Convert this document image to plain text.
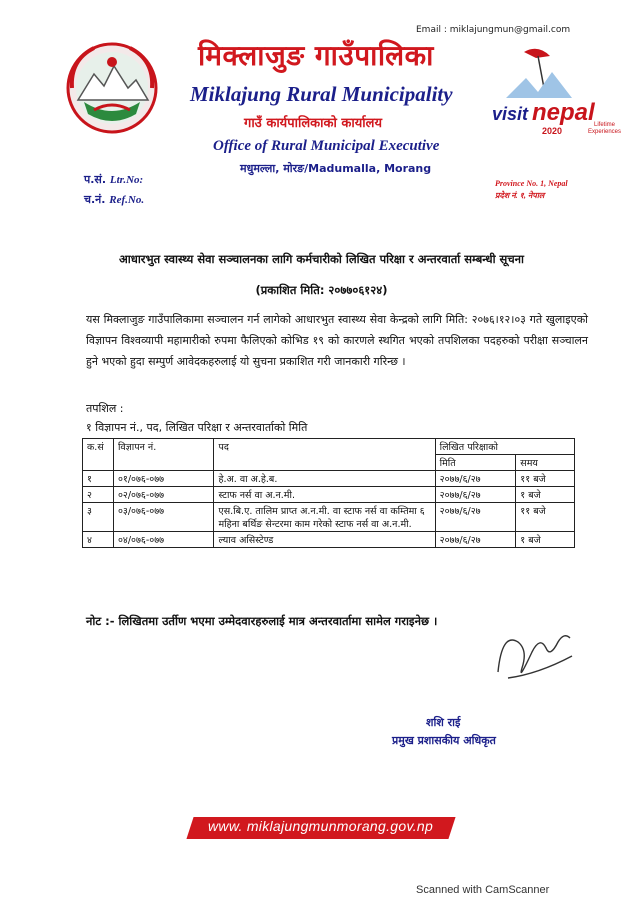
Email : miklajungmun@gmail.com
मिक्लाजुङ गाउँपालिका
Miklajung Rural Municipality
गाउँ कार्यपालिकाको कार्यालय
Office of Rural Municipal Executive
मधुमल्ला, मोरङ/Madumalla, Morang
visit nepal
2020
Lifetime
Experiences
प.सं. Ltr.No:
च.नं. Ref.No.
Province No. 1, Nepal
प्रदेश नं. १, नेपाल
आधारभुत स्वास्थ्य सेवा सञ्चालनका लागि कर्मचारीको लिखित परिक्षा र अन्तरवार्ता सम्बन्धी सूचना
(प्रकाशित मिति: २०७७०६१२४)
यस मिक्लाजुङ गाउँपालिकामा सञ्चालन गर्न लागेको आधारभुत स्वास्थ्य सेवा केन्द्रको लागि मिति: २०७६।१२।०३ गते खुलाइएको विज्ञापन विश्वव्यापी महामारीको रुपमा फैलिएको कोभिड १९ को कारणले स्थगित भएको तपशिलका पदहरुको परीक्षा सञ्चालन हुने भएको हुदा सम्पुर्ण आवेदकहरुलाई यो सुचना प्रकाशित गरी जानकारी गरिन्छ ।
तपशिल :
१ विज्ञापन नं., पद, लिखित परिक्षा र अन्तरवार्ताको मिति
क.सं	विज्ञापन नं.	पद	लिखित परिक्षाको	
			मिति	समय
१	०१/०७६-०७७	हे.अ. वा अ.हे.ब.	२०७७/६/२७	११ बजे
२	०२/०७६-०७७	स्टाफ नर्स वा अ.न.मी.	२०७७/६/२७	१ बजे
३	०३/०७६-०७७	एस.बि.ए. तालिम प्राप्त अ.न.मी. वा स्टाफ नर्स वा कम्तिमा ६ महिना बर्थिङ सेन्टरमा काम गरेको स्टाफ नर्स वा अ.न.मी.	२०७७/६/२७	११ बजे
४	०४/०७६-०७७	ल्याव असिस्टेण्ड	२०७७/६/२७	१ बजे
नोट :- लिखितमा उर्तीण भएमा उम्मेदवारहरुलाई मात्र अन्तरवार्तामा सामेल गराइनेछ ।
शशि राई
प्रमुख प्रशासकीय अधिकृत
www. miklajungmunmorang.gov.np
Scanned with CamScanner
